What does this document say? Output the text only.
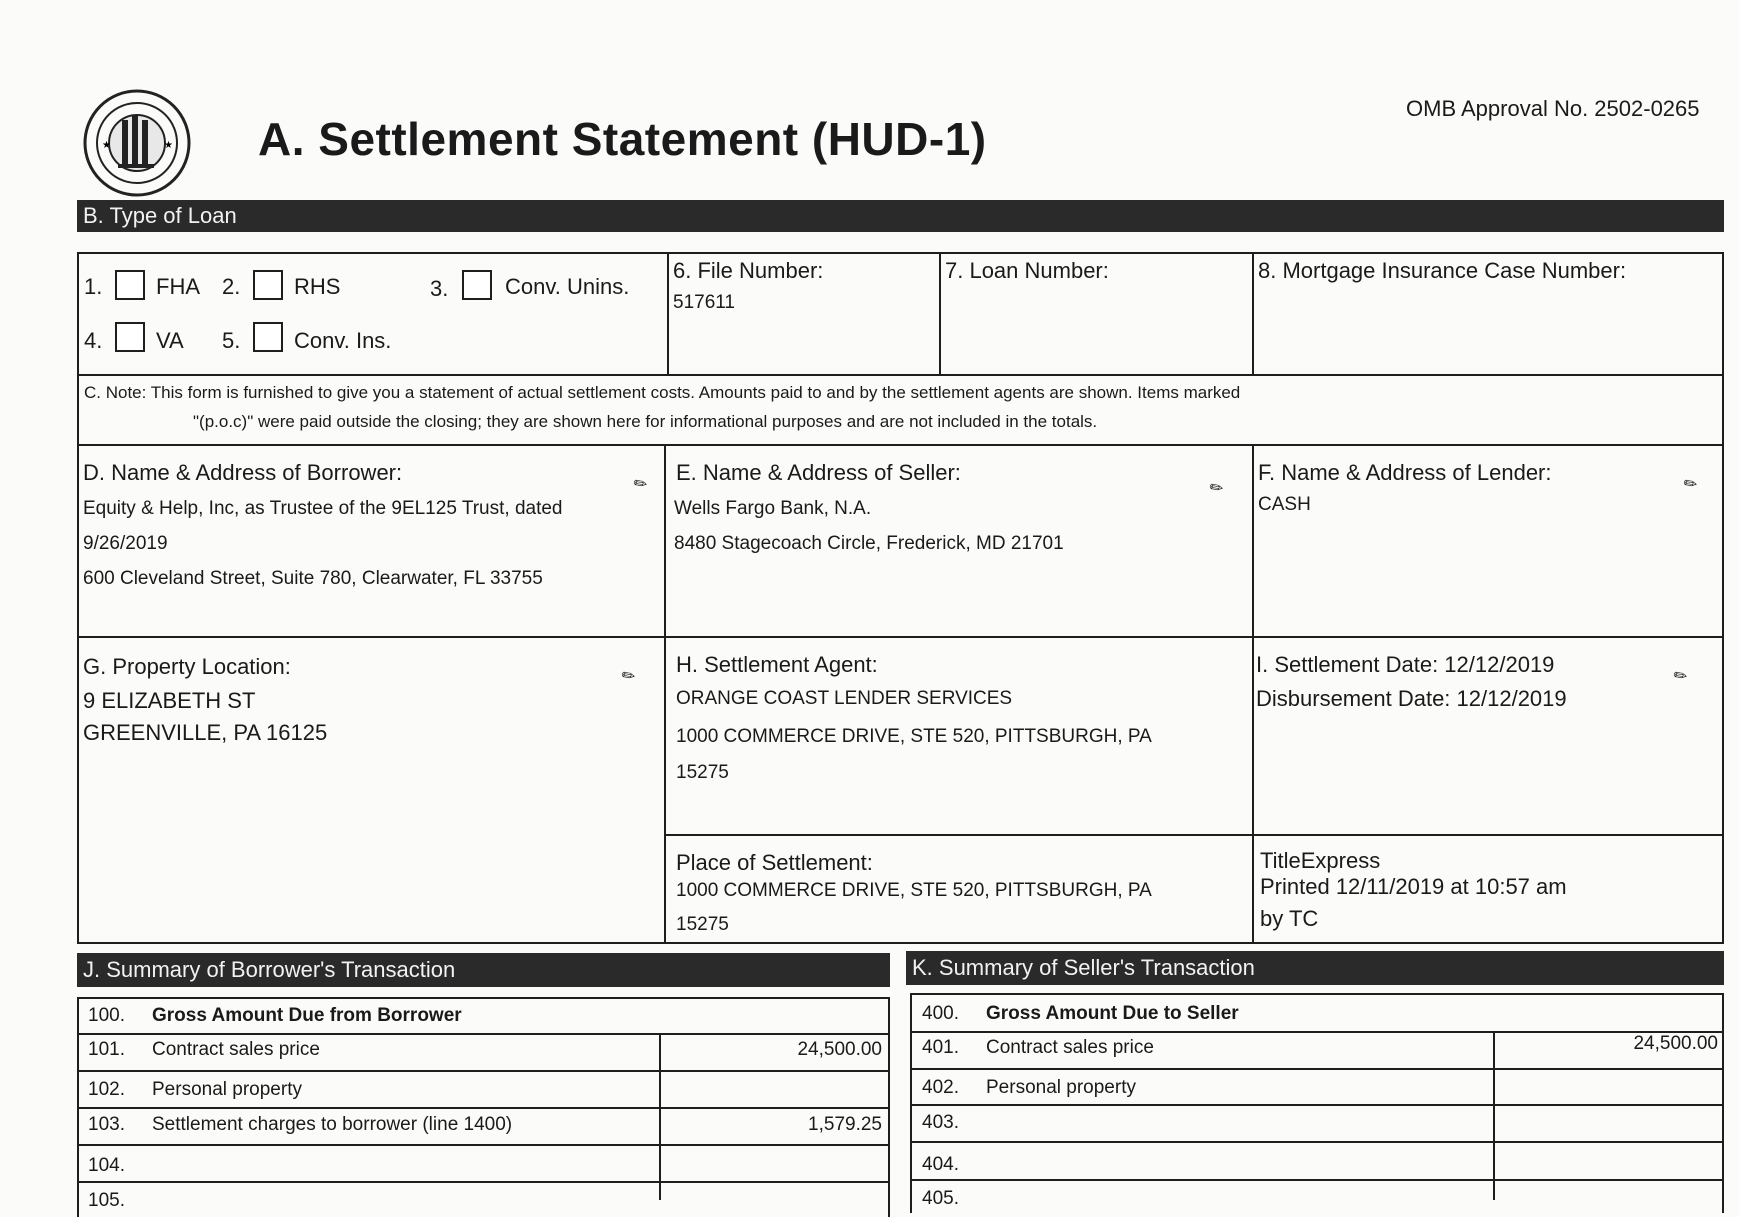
★	★ A. Settlement Statement (HUD-1)
OMB Approval No. 2502-0265
B. Type of Loan
1. FHA 2. RHS	3.	Conv. Unins.
4. VA 5. Conv. Ins.
6. File Number:
517611
7. Loan Number:	8. Mortgage Insurance Case Number:
C. Note: This form is furnished to give you a statement of actual settlement costs. Amounts paid to and by the settlement agents are shown. Items marked
"(p.o.c)" were paid outside the closing; they are shown here for informational purposes and are not included in the totals.
D. Name & Address of Borrower:	✎
Equity & Help, Inc, as Trustee of the 9EL125 Trust, dated
9/26/2019
600 Cleveland Street, Suite 780, Clearwater, FL 33755
E. Name & Address of Seller:
✎
Wells Fargo Bank, N.A.
8480 Stagecoach Circle, Frederick, MD 21701
F. Name & Address of Lender:	✎
CASH
G. Property Location:	✎
9 ELIZABETH ST
GREENVILLE, PA 16125
H. Settlement Agent:
ORANGE COAST LENDER SERVICES
1000 COMMERCE DRIVE, STE 520, PITTSBURGH, PA
15275
I. Settlement Date: 12/12/2019	✎
Disbursement Date: 12/12/2019
Place of Settlement:
1000 COMMERCE DRIVE, STE 520, PITTSBURGH, PA
15275
TitleExpress
Printed 12/11/2019 at 10:57 am
by TC
J. Summary of Borrower's Transaction	K. Summary of Seller's Transaction
100. Gross Amount Due from Borrower
101. Contract sales price	24,500.00
102. Personal property
103. Settlement charges to borrower (line 1400)	1,579.25
104.
105.
400. Gross Amount Due to Seller
401. Contract sales price	24,500.00
402. Personal property
403.
404.
405.
